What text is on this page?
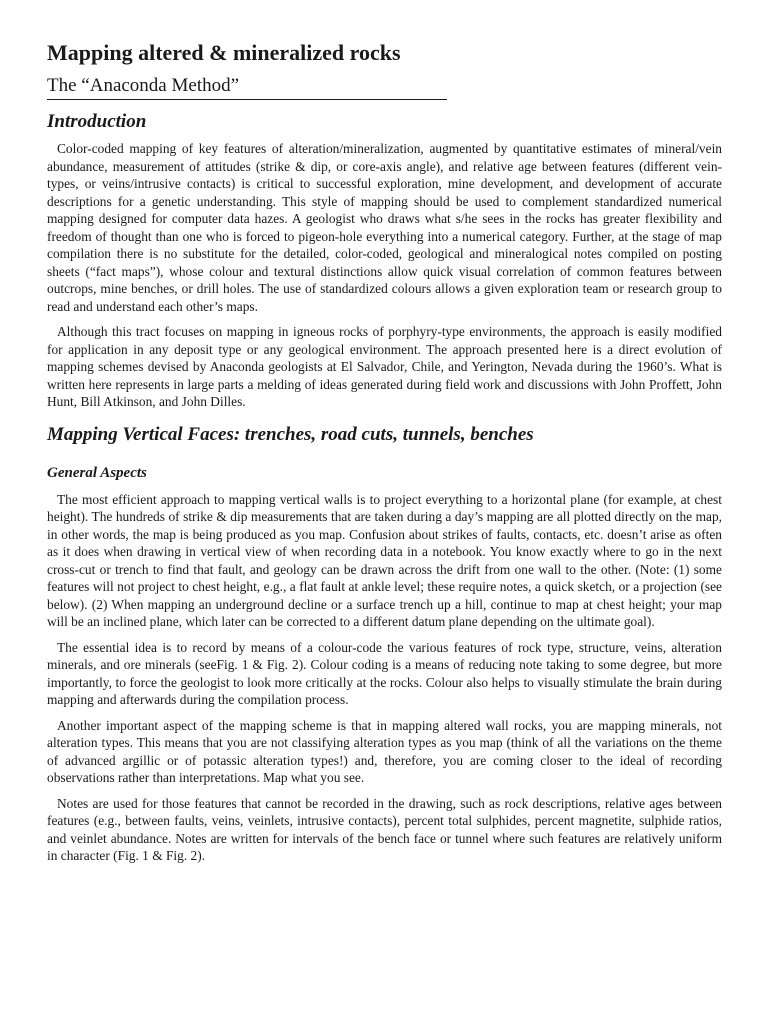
Mapping altered & mineralized rocks
The “Anaconda Method”
Introduction

Color-coded mapping of key features of alteration/mineralization, augmented by quantitative estimates of mineral/vein abundance, measurement of attitudes (strike & dip, or core-axis angle), and relative age between features (different vein-types, or veins/intrusive contacts) is critical to successful exploration, mine development, and development of accurate descriptions for a genetic understanding. This style of mapping should be used to complement standardized numerical mapping designed for computer data hazes. A geologist who draws what s/he sees in the rocks has greater flexibility and freedom of thought than one who is forced to pigeon-hole everything into a numerical category. Further, at the stage of map compilation there is no substitute for the detailed, color-coded, geological and mineralogical notes compiled on posting sheets (“fact maps”), whose colour and textural distinctions allow quick visual correlation of common features between outcrops, mine benches, or drill holes. The use of standardized colours allows a given exploration team or research group to read and understand each other’s maps.

Although this tract focuses on mapping in igneous rocks of porphyry-type environments, the approach is easily modified for application in any deposit type or any geological environment. The approach presented here is a direct evolution of mapping schemes devised by Anaconda geologists at El Salvador, Chile, and Yerington, Nevada during the 1960’s. What is written here represents in large parts a melding of ideas generated during field work and discussions with John Proffett, John Hunt, Bill Atkinson, and John Dilles.

Mapping Vertical Faces: trenches, road cuts, tunnels, benches
General Aspects

The most efficient approach to mapping vertical walls is to project everything to a horizontal plane (for example, at chest height). The hundreds of strike & dip measurements that are taken during a day’s mapping are all plotted directly on the map, in other words, the map is being produced as you map. Confusion about strikes of faults, contacts, etc. doesn’t arise as often as it does when drawing in vertical view of when recording data in a notebook. You know exactly where to go in the next cross-cut or trench to find that fault, and geology can be drawn across the drift from one wall to the other. (Note: (1) some features will not project to chest height, e.g., a flat fault at ankle level; these require notes, a quick sketch, or a projection (see below). (2) When mapping an underground decline or a surface trench up a hill, continue to map at chest height; your map will be an inclined plane, which later can be corrected to a different datum plane depending on the ultimate goal).

The essential idea is to record by means of a colour-code the various features of rock type, structure, veins, alteration minerals, and ore minerals (seeFig. 1 & Fig. 2). Colour coding is a means of reducing note taking to some degree, but more importantly, to force the geologist to look more critically at the rocks. Colour also helps to visually stimulate the brain during mapping and afterwards during the compilation process.

Another important aspect of the mapping scheme is that in mapping altered wall rocks, you are mapping minerals, not alteration types. This means that you are not classifying alteration types as you map (think of all the variations on the theme of advanced argillic or of potassic alteration types!) and, therefore, you are coming closer to the ideal of recording observations rather than interpretations. Map what you see.

Notes are used for those features that cannot be recorded in the drawing, such as rock descriptions, relative ages between features (e.g., between faults, veins, veinlets, intrusive contacts), percent total sulphides, percent magnetite, sulphide ratios, and veinlet abundance. Notes are written for intervals of the bench face or tunnel where such features are relatively uniform in character (Fig. 1 & Fig. 2).
